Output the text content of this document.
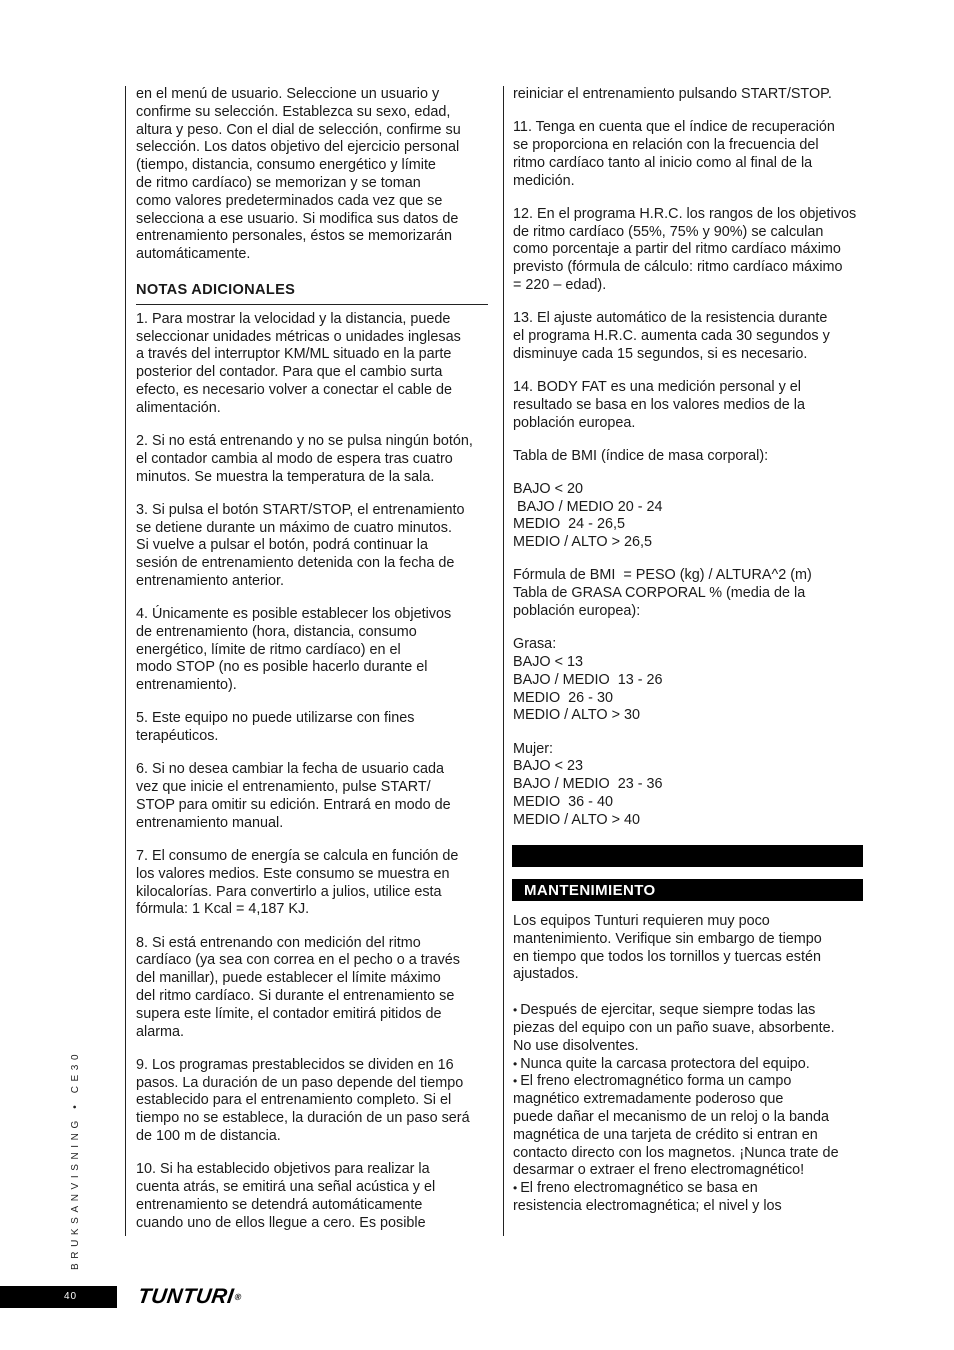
en el menú de usuario. Seleccione un usuario y
confirme su selección. Establezca su sexo, edad,
altura y peso. Con el dial de selección, confirme su
selección. Los datos objetivo del ejercicio personal
(tiempo, distancia, consumo energético y límite
de ritmo cardíaco) se memorizan y se toman
como valores predeterminados cada vez que se
selecciona a ese usuario. Si modifica sus datos de
entrenamiento personales, éstos se memorizarán
automáticamente.
NOTAS ADICIONALES
1. Para mostrar la velocidad y la distancia, puede
seleccionar unidades métricas o unidades inglesas
a través del interruptor KM/ML situado en la parte
posterior del contador. Para que el cambio surta
efecto, es necesario volver a conectar el cable de
alimentación.
2. Si no está entrenando y no se pulsa ningún botón,
el contador cambia al modo de espera tras cuatro
minutos. Se muestra la temperatura de la sala.
3. Si pulsa el botón START/STOP, el entrenamiento
se detiene durante un máximo de cuatro minutos.
Si vuelve a pulsar el botón, podrá continuar la
sesión de entrenamiento detenida con la fecha de
entrenamiento anterior.
4. Únicamente es posible establecer los objetivos
de entrenamiento (hora, distancia, consumo
energético, límite de ritmo cardíaco) en el
modo STOP (no es posible hacerlo durante el
entrenamiento).
5. Este equipo no puede utilizarse con fines
terapéuticos.
6. Si no desea cambiar la fecha de usuario cada
vez que inicie el entrenamiento, pulse START/
STOP para omitir su edición. Entrará en modo de
entrenamiento manual.
7. El consumo de energía se calcula en función de
los valores medios. Este consumo se muestra en
kilocalorías. Para convertirlo a julios, utilice esta
fórmula: 1 Kcal = 4,187 KJ.
8. Si está entrenando con medición del ritmo
cardíaco (ya sea con correa en el pecho o a través
del manillar), puede establecer el límite máximo
del ritmo cardíaco. Si durante el entrenamiento se
supera este límite, el contador emitirá pitidos de
alarma.
9. Los programas prestablecidos se dividen en 16
pasos. La duración de un paso depende del tiempo
establecido para el entrenamiento completo. Si el
tiempo no se establece, la duración de un paso será
de 100 m de distancia.
10. Si ha establecido objetivos para realizar la
cuenta atrás, se emitirá una señal acústica y el
entrenamiento se detendrá automáticamente
cuando uno de ellos llegue a cero. Es posible
reiniciar el entrenamiento pulsando START/STOP.
11. Tenga en cuenta que el índice de recuperación
se proporciona en relación con la frecuencia del
ritmo cardíaco tanto al inicio como al final de la
medición.
12. En el programa H.R.C. los rangos de los objetivos
de ritmo cardíaco (55%, 75% y 90%) se calculan
como porcentaje a partir del ritmo cardíaco máximo
previsto (fórmula de cálculo: ritmo cardíaco máximo
= 220 – edad).
13. El ajuste automático de la resistencia durante
el programa H.R.C. aumenta cada 30 segundos y
disminuye cada 15 segundos, si es necesario.
14. BODY FAT es una medición personal y el
resultado se basa en los valores medios de la
población europea.
Tabla de BMI (índice de masa corporal):
BAJO < 20
BAJO / MEDIO 20 - 24
MEDIO  24 - 26,5
MEDIO / ALTO > 26,5
Fórmula de BMI  = PESO (kg) / ALTURA^2 (m)
Tabla de GRASA CORPORAL % (media de la
población europea):
Grasa:
BAJO < 13
BAJO / MEDIO  13 - 26
MEDIO  26 - 30
MEDIO / ALTO > 30
Mujer:
BAJO < 23
BAJO / MEDIO  23 - 36
MEDIO  36 - 40
MEDIO / ALTO > 40
MANTENIMIENTO
Los equipos Tunturi requieren muy poco
mantenimiento. Verifique sin embargo de tiempo
en tiempo que todos los tornillos y tuercas estén
ajustados.
• Después de ejercitar, seque siempre todas las
piezas del equipo con un paño suave, absorbente.
No use disolventes.
• Nunca quite la carcasa protectora del equipo.
• El freno electromagnético forma un campo
magnético extremadamente poderoso que
puede dañar el mecanismo de un reloj o la banda
magnética de una tarjeta de crédito si entran en
contacto directo con los magnetos. ¡Nunca trate de
desarmar o extraer el freno electromagnético!
• El freno electromagnético se basa en
resistencia electromagnética; el nivel y los
BRUKSANVISNING • CE30
40	TUNTURI®
